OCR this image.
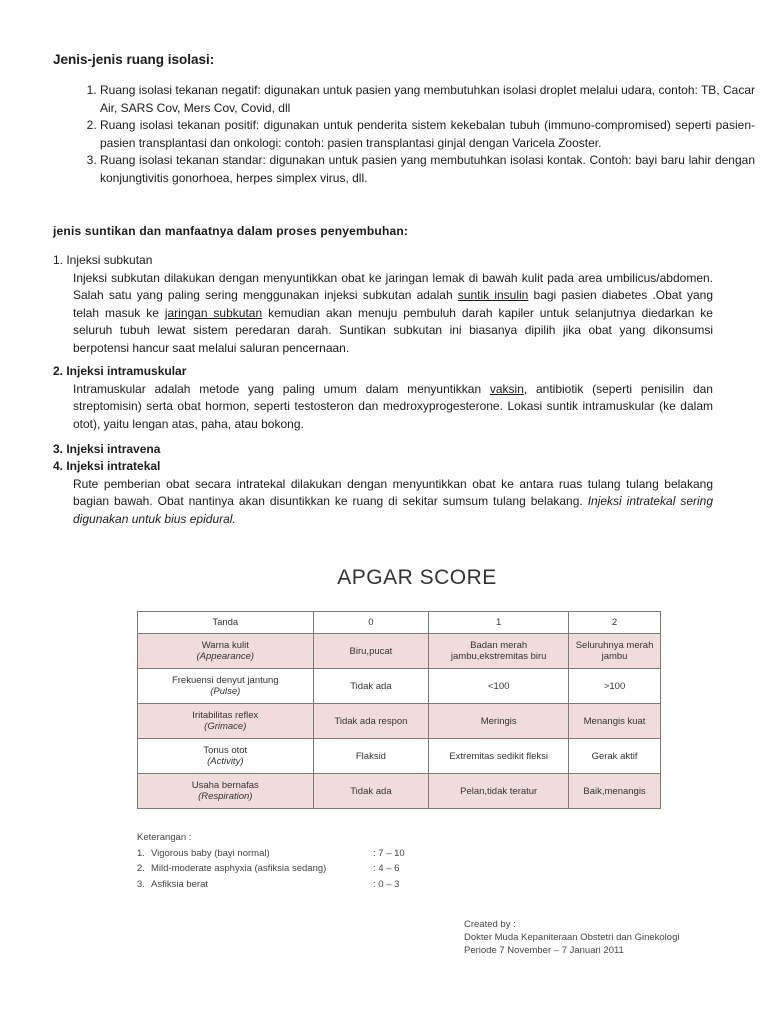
Jenis-jenis ruang isolasi:
1. Ruang isolasi tekanan negatif: digunakan untuk pasien yang membutuhkan isolasi droplet melalui udara, contoh: TB, Cacar Air, SARS Cov, Mers Cov, Covid, dll
2. Ruang isolasi tekanan positif: digunakan untuk penderita sistem kekebalan tubuh (immuno-compromised) seperti pasien-pasien transplantasi dan onkologi: contoh: pasien transplantasi ginjal dengan Varicela Zooster.
3. Ruang isolasi tekanan standar: digunakan untuk pasien yang membutuhkan isolasi kontak. Contoh: bayi baru lahir dengan konjungtivitis gonorhoea, herpes simplex virus, dll.
jenis suntikan dan manfaatnya dalam proses penyembuhan:

1. Injeksi subkutan

Injeksi subkutan dilakukan dengan menyuntikkan obat ke jaringan lemak di bawah kulit pada area umbilicus/abdomen. Salah satu yang paling sering menggunakan injeksi subkutan adalah suntik insulin bagi pasien diabetes .Obat yang telah masuk ke jaringan subkutan kemudian akan menuju pembuluh darah kapiler untuk selanjutnya diedarkan ke seluruh tubuh lewat sistem peredaran darah. Suntikan subkutan ini biasanya dipilih jika obat yang dikonsumsi berpotensi hancur saat melalui saluran pencernaan.

2. Injeksi intramuskular

Intramuskular adalah metode yang paling umum dalam menyuntikkan vaksin, antibiotik (seperti penisilin dan streptomisin) serta obat hormon, seperti testosteron dan medroxyprogesterone. Lokasi suntik intramuskular (ke dalam otot), yaitu lengan atas, paha, atau bokong.

3. Injeksi intravena

4. Injeksi intratekal

Rute pemberian obat secara intratekal dilakukan dengan menyuntikkan obat ke antara ruas tulang tulang belakang bagian bawah. Obat nantinya akan disuntikkan ke ruang di sekitar sumsum tulang belakang. Injeksi intratekal sering digunakan untuk bius epidural.

APGAR SCORE

Tanda	0	1	2
Warna kulit
(Appearance)	Biru,pucat	Badan merah jambu,ekstremitas biru	Seluruhnya merah jambu
Frekuensi denyut jantung
(Pulse)	Tidak ada	<100	>100
Iritabilitas reflex
(Grimace)	Tidak ada respon	Meringis	Menangis kuat
Tonus otot
(Activity)	Flaksid	Extremitas sedikit fleksi	Gerak aktif
Usaha bernafas
(Respiration)	Tidak ada	Pelan,tidak teratur	Baik,menangis
Keterangan :
1. Vigorous baby (bayi normal)	: 7 – 10
2. Mild-moderate asphyxia (asfiksia sedang)	: 4 – 6
3. Asfiksia berat	: 0 – 3
Created by :
Dokter Muda Kepaniteraan Obstetri dan Ginekologi
Periode 7 November – 7 Januari 2011
